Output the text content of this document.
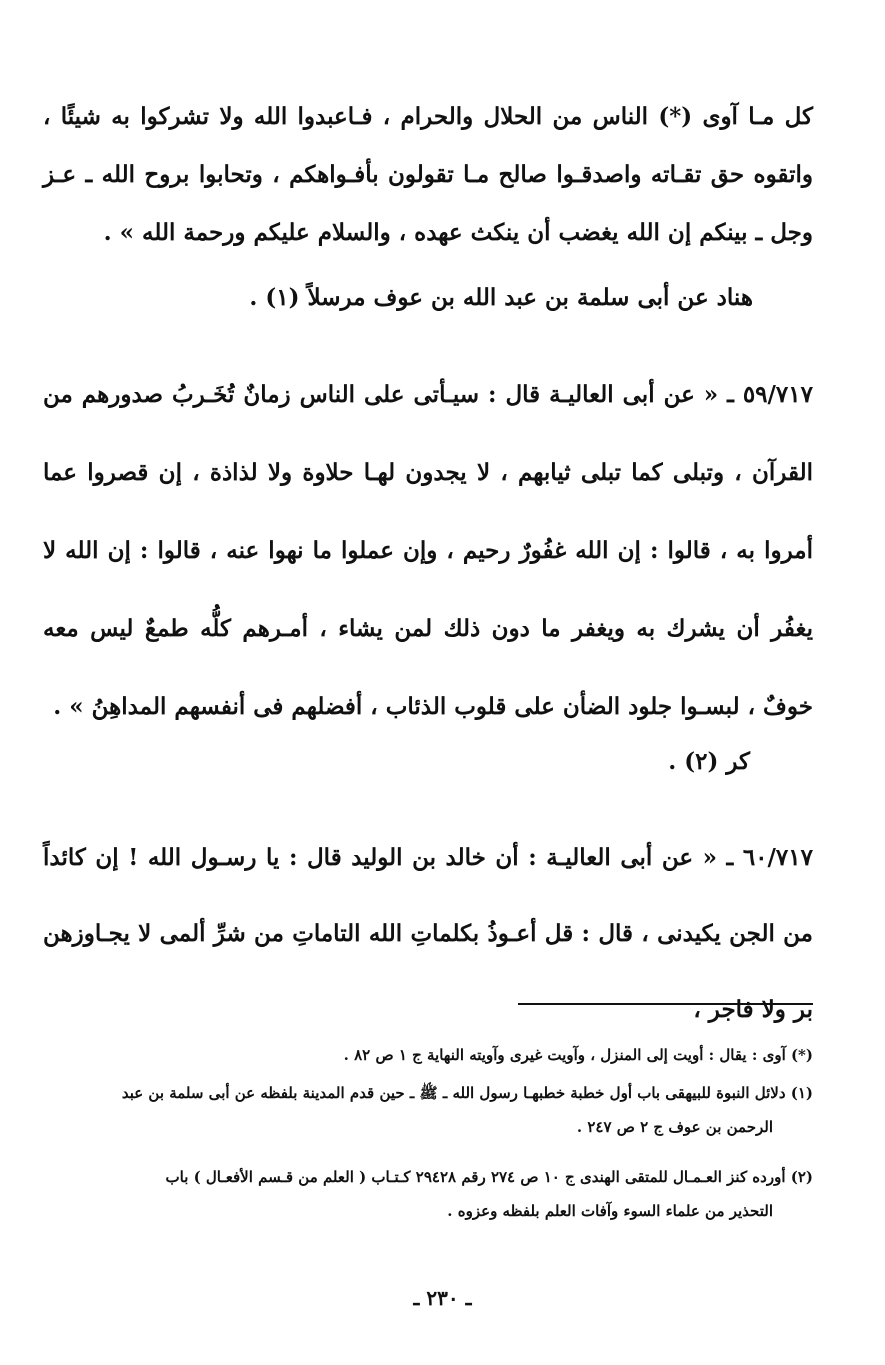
كل مـا آوى (*) الناس من الحلال والحرام ، فـاعبدوا الله ولا تشركوا به شيئًا ، واتقوه حق تقـاته واصدقـوا صالح مـا تقولون بأفـواهكم ، وتحابوا بروح الله ـ عـز وجل ـ بينكم إن الله يغضب أن ينكث عهده ، والسلام عليكم ورحمة الله » .

هناد عن أبى سلمة بن عبد الله بن عوف مرسلاً (١) .

٥٩/٧١٧ ـ « عن أبى العاليـة قال : سيـأتى على الناس زمانٌ تُخَـربُ صدورهم من القرآن ، وتبلى كما تبلى ثيابهم ، لا يجدون لهـا حلاوة ولا لذاذة ، إن قصروا عما أمروا به ، قالوا : إن الله غفُورٌ رحيم ، وإن عملوا ما نهوا عنه ، قالوا : إن الله لا يغفُر أن يشرك به ويغفر ما دون ذلك لمن يشاء ، أمـرهم كلُّه طمعٌ ليس معه خوفٌ ، لبسـوا جلود الضأن على قلوب الذئاب ، أفضلهم فى أنفسهم المداهِنُ » .

كر (٢) .

٦٠/٧١٧ ـ « عن أبى العاليـة : أن خالد بن الوليد قال : يا رسـول الله ! إن كائداً من الجن يكيدنى ، قال : قل أعـوذُ بكلماتِ الله التاماتِ من شرِّ ألمى لا يجـاوزهن بر ولا فاجر ،

(*) آوى : يقال : أويت إلى المنزل ، وآويت غيرى وآويته النهاية ج ١ ص ٨٢ .

(١) دلائل النبوة للبيهقى باب أول خطبة خطبهـا رسول الله ـ ﷺ ـ حين قدم المدينة بلفظه عن أبى سلمة بن عبد
الرحمن بن عوف ج ٢ ص ٢٤٧ .

(٢) أورده كنز العـمـال للمتقى الهندى ج ١٠ ص ٢٧٤ رقم ٢٩٤٢٨ كـتـاب ( العلم من قـسم الأفعـال ) باب
التحذير من علماء السوء وآفات العلم بلفظه وعزوه .

ـ ٢٣٠ ـ
